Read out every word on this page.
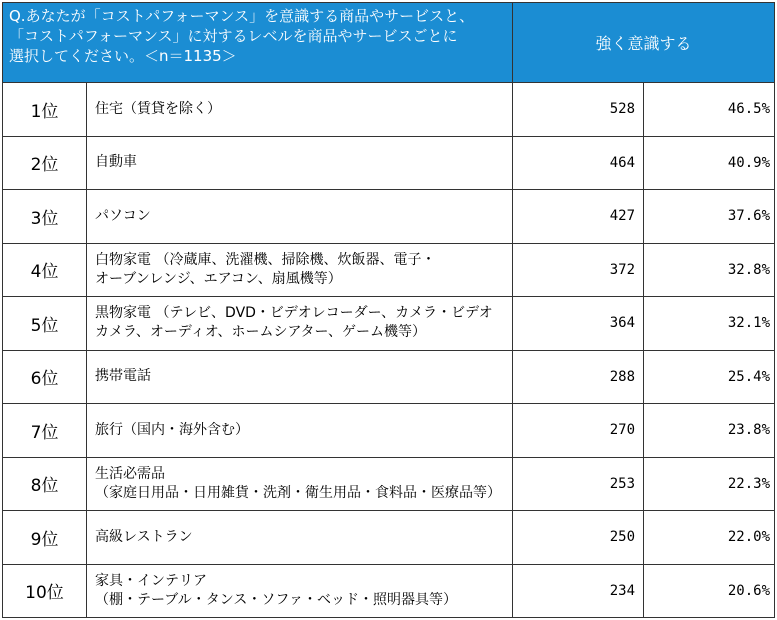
Q.あなたが「コストパフォーマンス」を意識する商品やサービスと、
「コストパフォーマンス」に対するレベルを商品やサービスごとに
選択してください。＜n＝1135＞		強く意識する	
1位	住宅（賃貸を除く）	528	46.5%
2位	自動車	464	40.9%
3位	パソコン	427	37.6%
4位	白物家電 （冷蔵庫、洗濯機、掃除機、炊飯器、電子・
オーブンレンジ、エアコン、扇風機等）	372	32.8%
5位	黒物家電 （テレビ、DVD・ビデオレコーダー、カメラ・ビデオ
カメラ、オーディオ、ホームシアター、ゲーム機等）	364	32.1%
6位	携帯電話	288	25.4%
7位	旅行（国内・海外含む）	270	23.8%
8位	生活必需品
（家庭日用品・日用雑貨・洗剤・衛生用品・食料品・医療品等）	253	22.3%
9位	高級レストラン	250	22.0%
10位	家具・インテリア
（棚・テーブル・タンス・ソファ・ベッド・照明器具等）	234	20.6%
